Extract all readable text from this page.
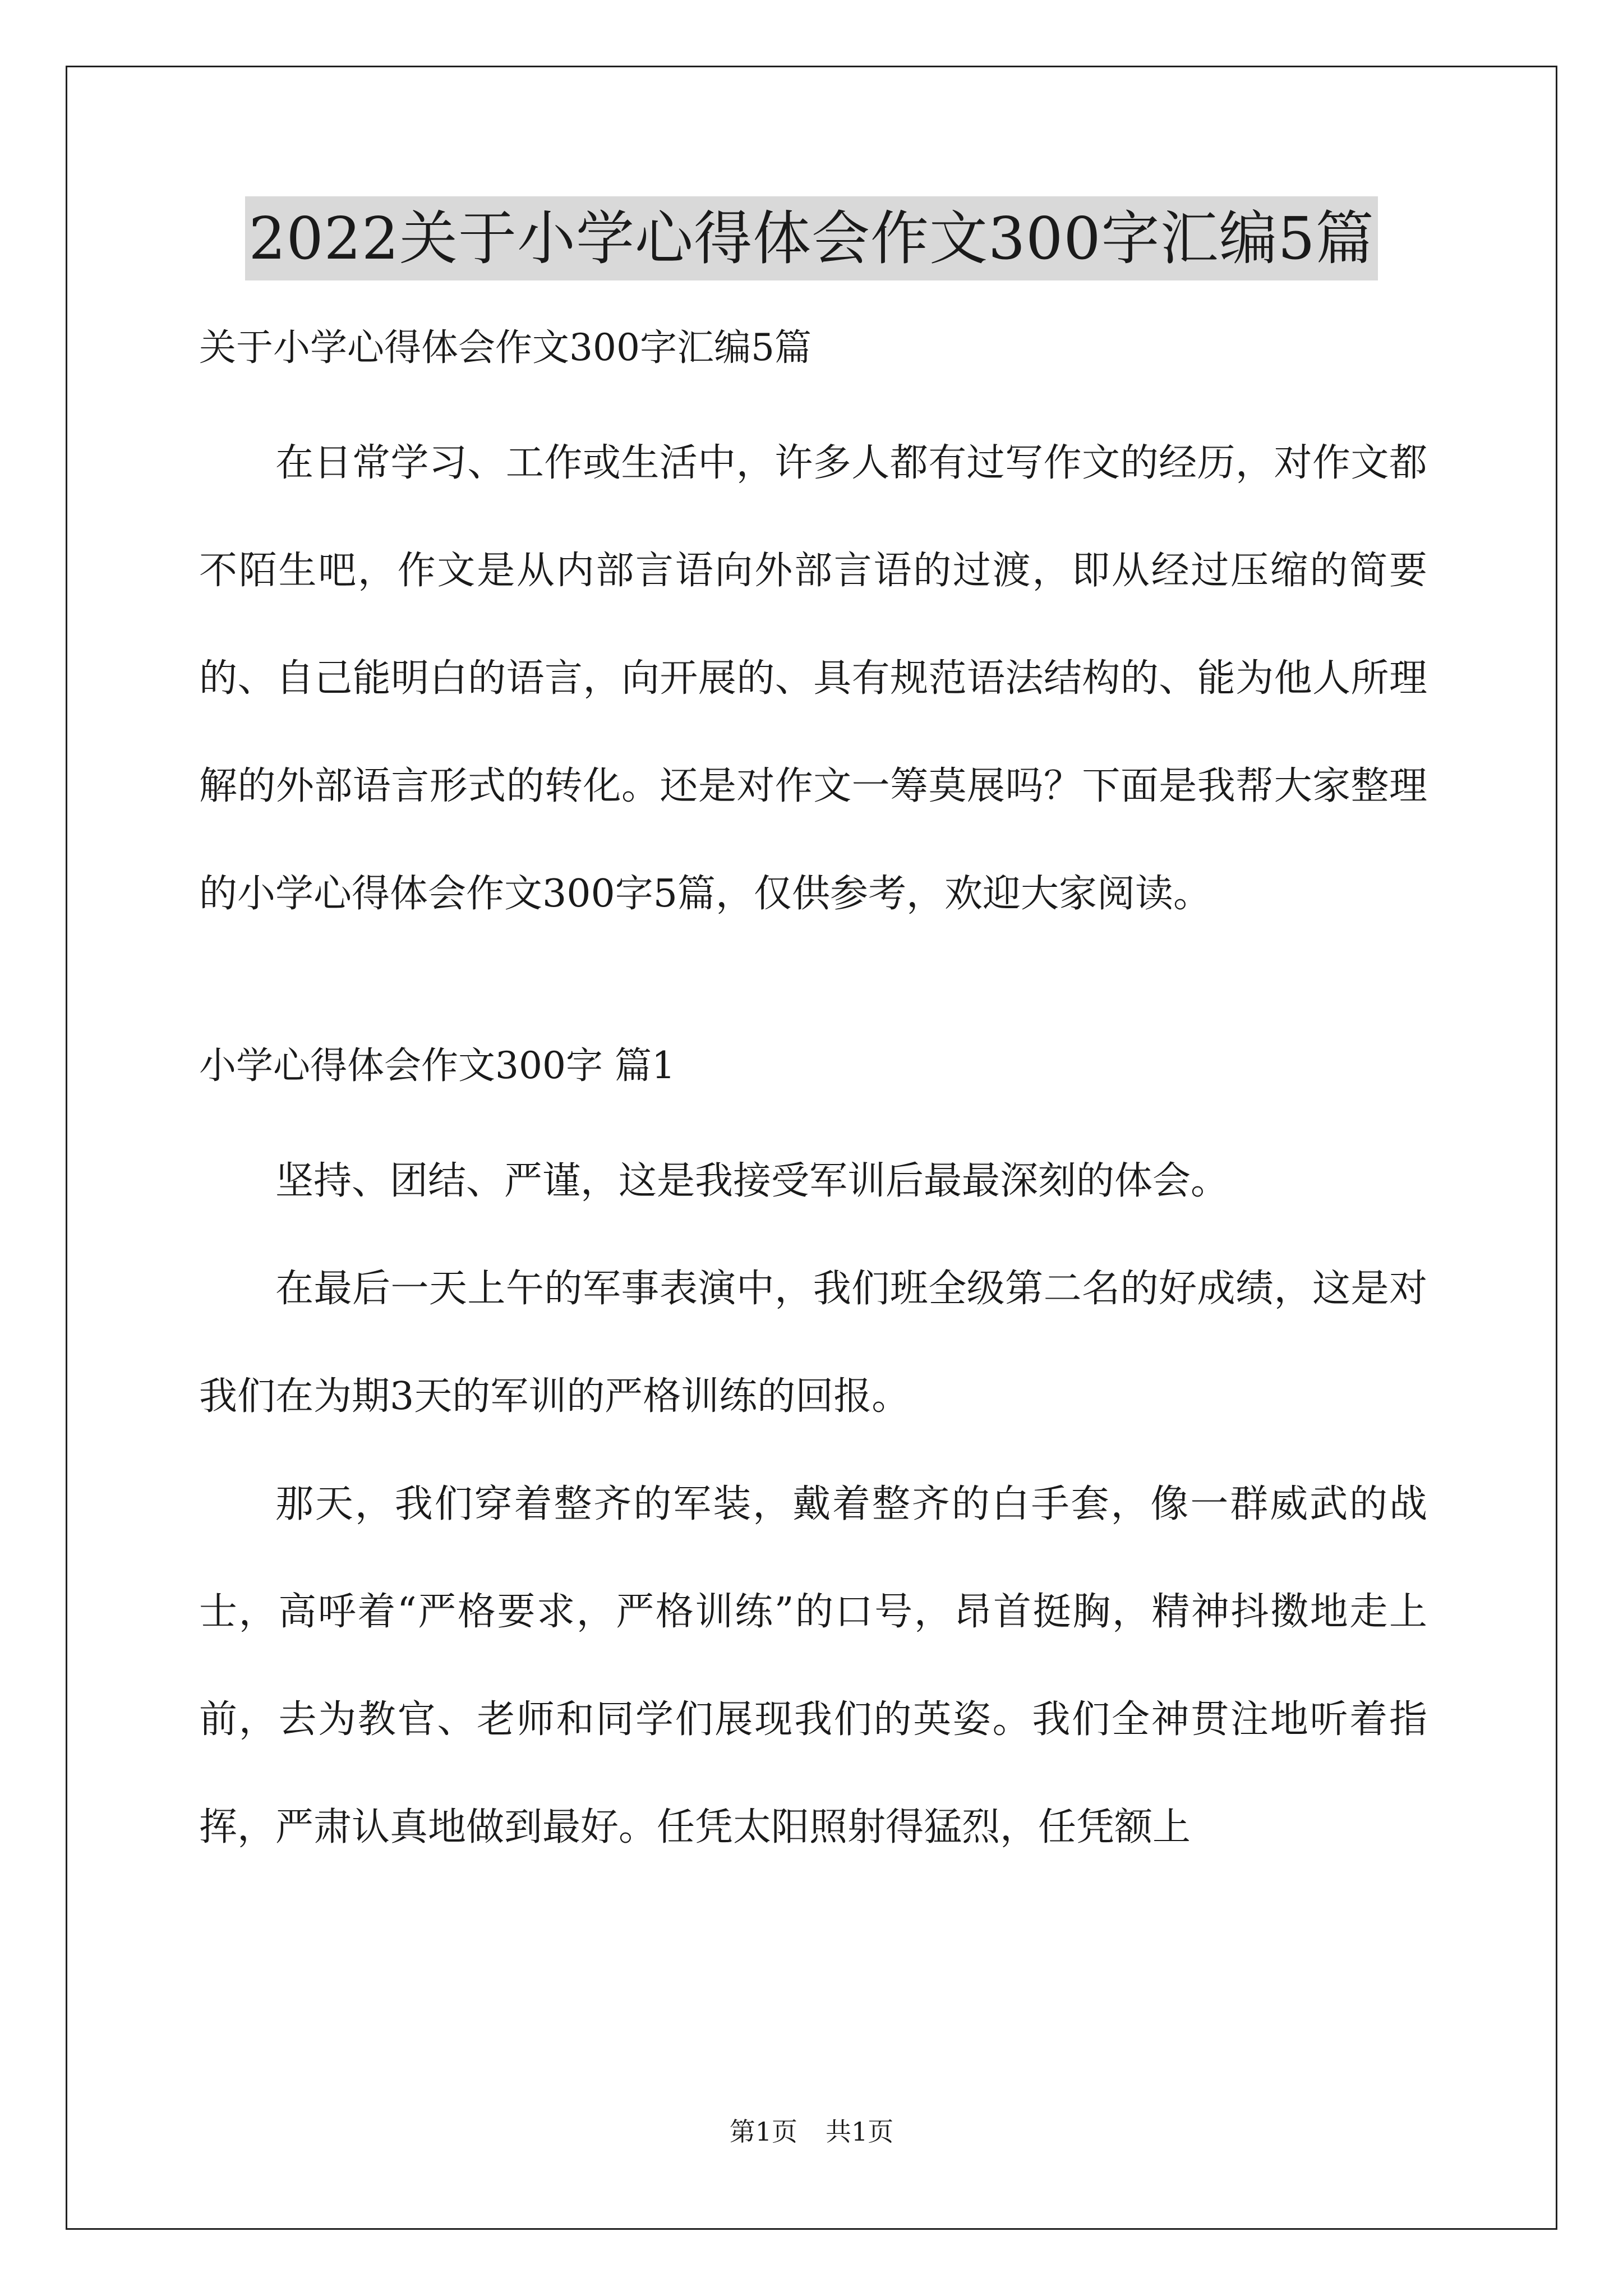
2022关于小学心得体会作文300字汇编5篇
关于小学心得体会作文300字汇编5篇

在日常学习、工作或生活中，许多人都有过写作文的经历，对作文都不陌生吧，作文是从内部言语向外部言语的过渡，即从经过压缩的简要的、自己能明白的语言，向开展的、具有规范语法结构的、能为他人所理解的外部语言形式的转化。还是对作文一筹莫展吗？下面是我帮大家整理的小学心得体会作文300字5篇，仅供参考，欢迎大家阅读。

小学心得体会作文300字 篇1

坚持、团结、严谨，这是我接受军训后最最深刻的体会。

在最后一天上午的军事表演中，我们班全级第二名的好成绩，这是对我们在为期3天的军训的严格训练的回报。

那天，我们穿着整齐的军装，戴着整齐的白手套，像一群威武的战士，高呼着“严格要求，严格训练”的口号，昂首挺胸，精神抖擞地走上前，去为教官、老师和同学们展现我们的英姿。我们全神贯注地听着指挥，严肃认真地做到最好。任凭太阳照射得猛烈，任凭额上

第1页 共1页
